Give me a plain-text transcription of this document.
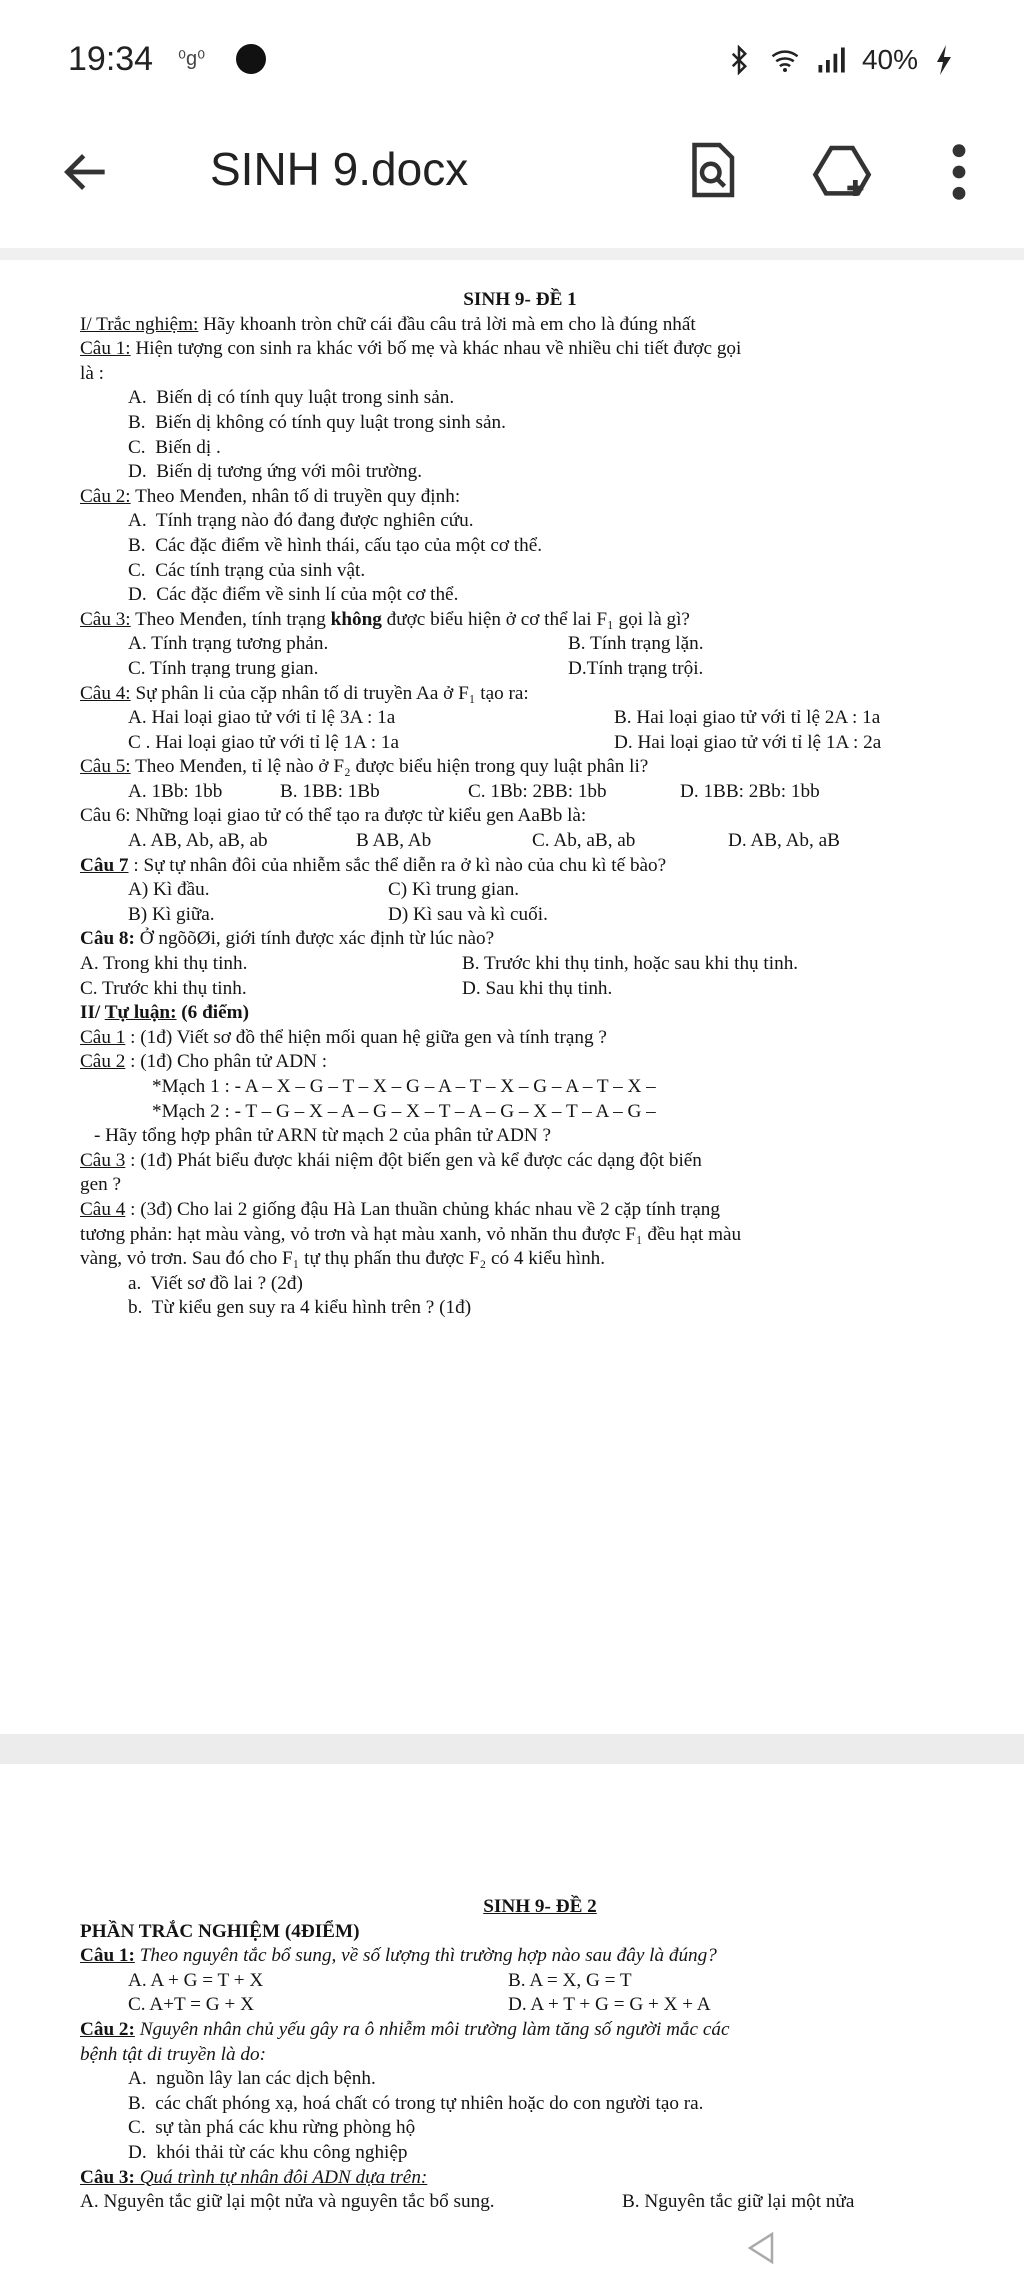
19:34 ⁰g⁰	40%
SINH 9.docx

SINH 9- ĐỀ 1

I/ Trắc nghiệm: Hãy khoanh tròn chữ cái đầu câu trả lời mà em cho là đúng nhất

Câu 1: Hiện tượng con sinh ra khác với bố mẹ và khác nhau về nhiều chi tiết được gọi

là :

A.  Biến dị có tính quy luật trong sinh sản.

B.  Biến dị không có tính quy luật trong sinh sản.

C.  Biến dị .

D.  Biến dị tương ứng với môi trường.

Câu 2: Theo Menđen, nhân tố di truyền quy định:

A.  Tính trạng nào đó đang được nghiên cứu.

B.  Các đặc điểm về hình thái, cấu tạo của một cơ thể.

C.  Các tính trạng của sinh vật.

D.  Các đặc điểm về sinh lí của một cơ thể.

Câu 3: Theo Menđen, tính trạng không được biểu hiện ở cơ thể lai F₁ gọi là gì?

A. Tính trạng tương phản.	B. Tính trạng lặn.
C. Tính trạng trung gian.	D.Tính trạng trội.

Câu 4: Sự phân li của cặp nhân tố di truyền Aa ở F₁ tạo ra:

A. Hai loại giao tử với tỉ lệ 3A : 1a	B. Hai loại giao tử với tỉ lệ 2A : 1a
C . Hai loại giao tử với tỉ lệ 1A : 1a	D. Hai loại giao tử với tỉ lệ 1A : 2a

Câu 5: Theo Menđen, tỉ lệ nào ở F₂ được biểu hiện trong quy luật phân li?

A. 1Bb: 1bb	B. 1BB: 1Bb	C. 1Bb: 2BB: 1bb	D. 1BB: 2Bb: 1bb

Câu 6: Những loại giao tử có thể tạo ra được từ kiểu gen AaBb là:

A. AB, Ab, aB, ab	B AB, Ab	C. Ab, aB, ab	D. AB, Ab, aB

Câu 7 : Sự tự nhân đôi của nhiễm sắc thể diễn ra ở kì nào của chu kì tế bào?

A) Kì đầu.	C) Kì trung gian.
B) Kì giữa.	D) Kì sau và kì cuối.

Câu 8: Ở ngõõØi, giới tính được xác định từ lúc nào?

A. Trong khi thụ tinh.	B. Trước khi thụ tinh, hoặc sau khi thụ tinh.
C. Trước khi thụ tinh.	D. Sau khi thụ tinh.

II/ Tự luận: (6 điểm)

Câu 1 : (1đ) Viết sơ đồ thể hiện mối quan hệ giữa gen và tính trạng ?

Câu 2 : (1đ) Cho phân tử ADN :

*Mạch 1 : - A – X – G – T – X – G – A – T – X – G – A – T – X –

*Mạch 2 : - T – G – X – A – G – X – T – A – G – X – T – A – G –

- Hãy tổng hợp phân tử ARN từ mạch 2 của phân tử ADN ?

Câu 3 : (1đ) Phát biểu được khái niệm đột biến gen và kể được các dạng đột biến

gen ?

Câu 4 : (3đ) Cho lai 2 giống đậu Hà Lan thuần chủng khác nhau về 2 cặp tính trạng

tương phản: hạt màu vàng, vỏ trơn và hạt màu xanh, vỏ nhăn thu được F₁ đều hạt màu

vàng, vỏ trơn. Sau đó cho F₁ tự thụ phấn thu được F₂ có 4 kiểu hình.

a.  Viết sơ đồ lai ? (2đ)

b.  Từ kiểu gen suy ra 4 kiểu hình trên ? (1đ)

SINH 9- ĐỀ 2

PHẦN TRẮC NGHIỆM (4ĐIỂM)

Câu 1: Theo nguyên tắc bổ sung, về số lượng thì trường hợp nào sau đây là đúng?

A. A + G = T + X	B. A = X, G = T
C. A+T = G + X	D. A + T + G = G + X + A

Câu 2: Nguyên nhân chủ yếu gây ra ô nhiễm môi trường làm tăng số người mắc các

bệnh tật di truyền là do:

A.  nguồn lây lan các dịch bệnh.

B.  các chất phóng xạ, hoá chất có trong tự nhiên hoặc do con người tạo ra.

C.  sự tàn phá các khu rừng phòng hộ

D.  khói thải từ các khu công nghiệp

Câu 3: Quá trình tự nhân đôi ADN dựa trên:

A. Nguyên tắc giữ lại một nửa và nguyên tắc bổ sung.	B. Nguyên tắc giữ lại một nửa
